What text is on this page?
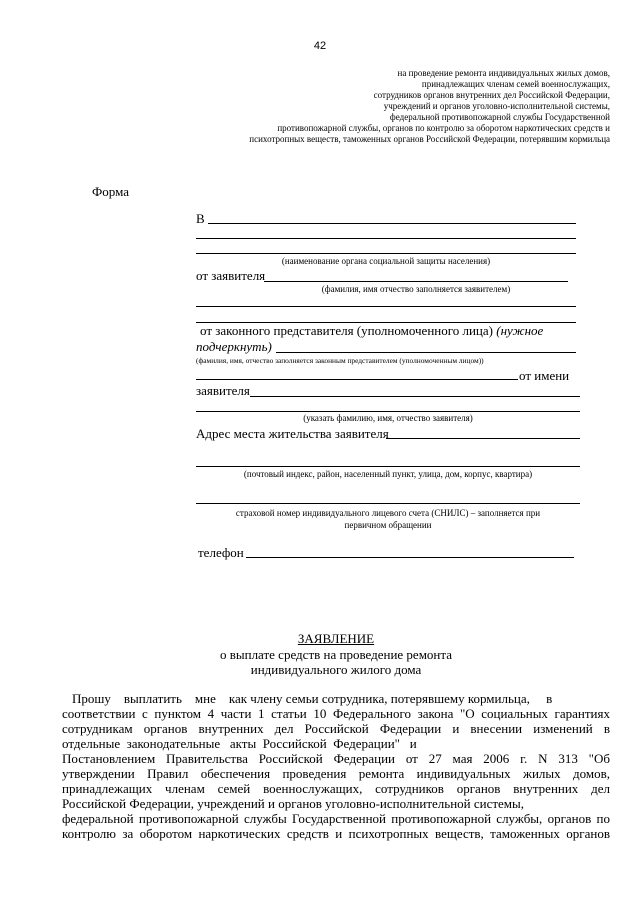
42
на проведение ремонта индивидуальных жилых домов,
принадлежащих членам семей военнослужащих,
сотрудников органов внутренних дел Российской Федерации,
учреждений и органов уголовно-исполнительной системы,
федеральной противопожарной службы Государственной
противопожарной службы, органов по контролю за оборотом наркотических средств и
психотропных веществ, таможенных органов Российской Федерации, потерявшим кормильца
Форма
В
(наименование органа социальной защиты населения)
от заявителя
(фамилия, имя отчество заполняется заявителем)
от законного представителя (уполномоченного лица) (нужное
подчеркнуть)
(фамилия, имя, отчество заполняется законным представителем (уполномоченным лицом))
от имени
заявителя
(указать фамилию, имя, отчество заявителя)
Адрес места жительства заявителя
(почтовый индекс, район, населенный пункт, улица, дом, корпус, квартира)
страховой номер индивидуального лицевого счета (СНИЛС) – заполняется при
первичном обращении
телефон
ЗАЯВЛЕНИЕ
о выплате средств на проведение ремонта
индивидуального жилого дома
Прошу    выплатить    мне    как члену семьи сотрудника, потерявшему кормильца,     в
соответствии с пунктом 4 части 1 статьи 10 Федерального закона "О социальных гарантиях
сотрудникам органов внутренних дел Российской Федерации и внесении изменений в
отдельные  законодательные   акты  Российской  Федерации"   и
Постановлением Правительства Российской Федерации от 27 мая 2006 г. N 313 "Об
утверждении Правил обеспечения проведения ремонта индивидуальных жилых домов,
принадлежащих членам семей военнослужащих, сотрудников органов внутренних дел
Российской Федерации, учреждений и органов уголовно-исполнительной системы,
федеральной противопожарной службы Государственной противопожарной службы, органов по
контролю за оборотом наркотических средств и психотропных веществ, таможенных органов
